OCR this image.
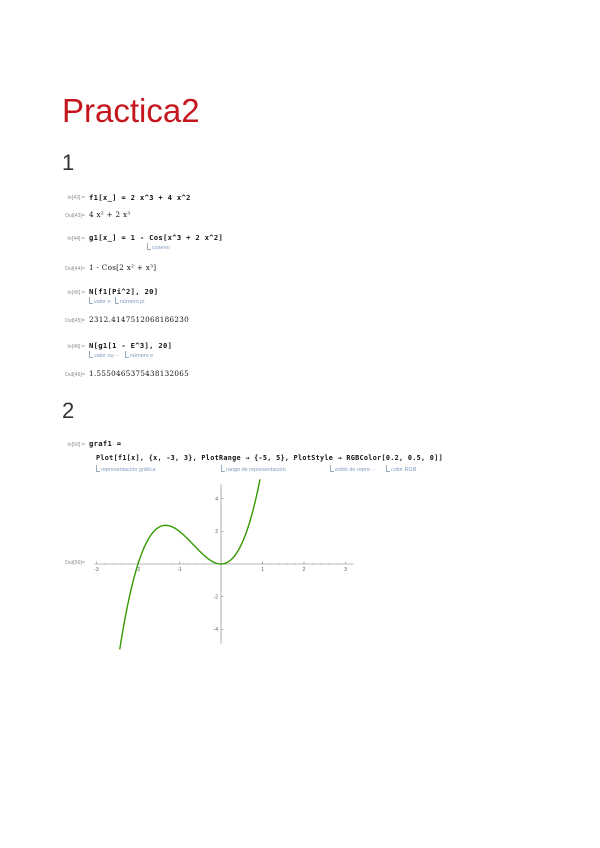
Practica2
1
In[43]:= f1[x_] = 2 x^3 + 4 x^2
Out[43]= 4 x² + 2 x³
In[44]:= g1[x_] = 1 - Cos[x^3 + 2 x^2]
coseno
Out[44]= 1 - Cos[2 x² + x³]
In[45]:= N[f1[Pi^2], 20]
valor n	número pi
Out[45]= 2312.4147512068186230
In[46]:= N[g1[1 - E^3], 20]
valor nu···	número e
Out[46]= 1.5550465375438132065
2
In[50]:= graf1 =
Plot[f1[x], {x, -3, 3}, PlotRange → {-5, 5}, PlotStyle → RGBColor[0.2, 0.5, 0]]
representación gráfica	rango de representación	estilo de repre···	color RGB
Out[50]=
-3	-2	-1	1	2	3
4
2
-2
-4
